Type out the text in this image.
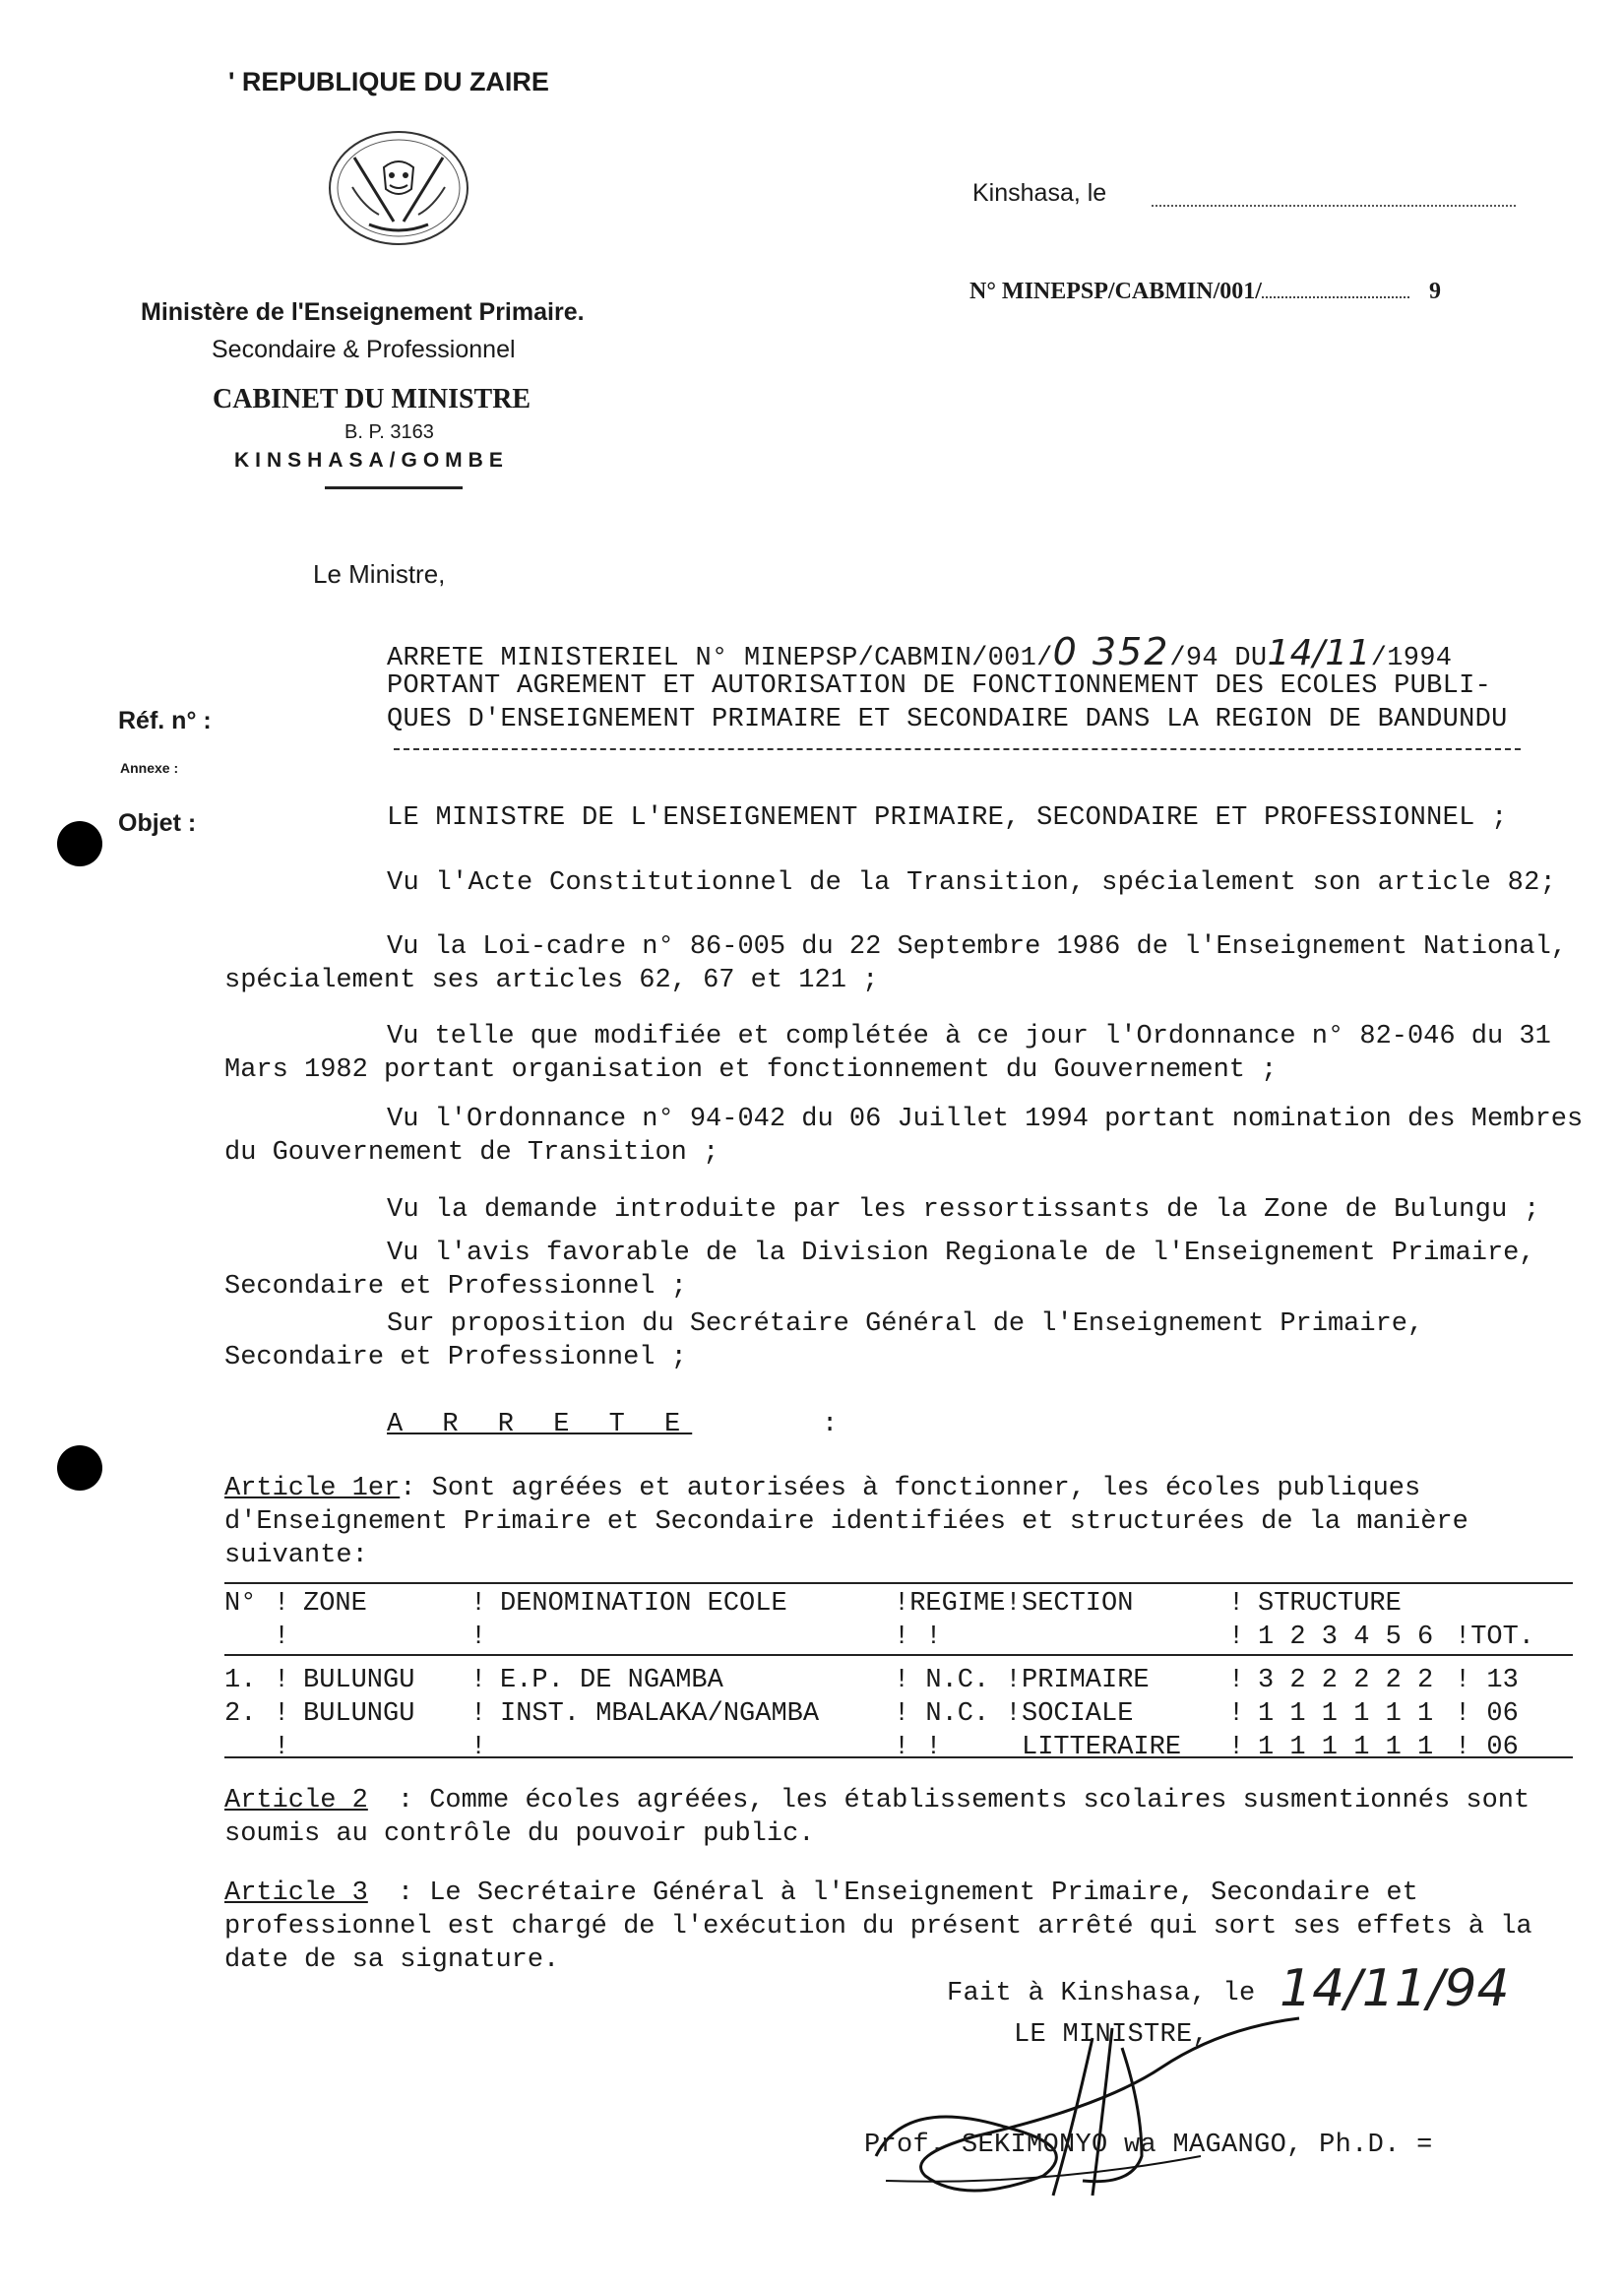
' REPUBLIQUE DU ZAIRE
Ministère de l'Enseignement Primaire.
Secondaire & Professionnel
CABINET DU MINISTRE
B. P. 3163
KINSHASA/GOMBE
Kinshasa, le
N° MINEPSP/CABMIN/001/	9
Le Ministre,
Réf. n° :
Annexe :
Objet :
ARRETE MINISTERIEL N° MINEPSP/CABMIN/001/0 352/94 DU14/11/1994
PORTANT AGREMENT ET AUTORISATION DE FONCTIONNEMENT DES ECOLES PUBLI-
QUES D'ENSEIGNEMENT PRIMAIRE ET SECONDAIRE DANS LA REGION DE BANDUNDU
LE MINISTRE DE L'ENSEIGNEMENT PRIMAIRE, SECONDAIRE ET PROFESSIONNEL ;
Vu l'Acte Constitutionnel de la Transition, spécialement son article 82;
Vu la Loi-cadre n° 86-005 du 22 Septembre 1986 de l'Enseignement National, spécialement ses articles 62, 67 et 121 ;
Vu telle que modifiée et complétée à ce jour l'Ordonnance n° 82-046 du 31 Mars 1982 portant organisation et fonctionnement du Gouvernement ;
Vu l'Ordonnance n° 94-042 du 06 Juillet 1994 portant nomination des Membres du Gouvernement de Transition ;
Vu la demande introduite par les ressortissants de la Zone de Bulungu ;
Vu l'avis favorable de la Division Regionale de l'Enseignement Primaire, Secondaire et Professionnel ;
Sur proposition du Secrétaire Général de l'Enseignement Primaire, Secondaire et Professionnel ;
A R R E T E	:
Article 1er: Sont agréées et autorisées à fonctionner, les écoles publiques d'Enseignement Primaire et Secondaire identifiées et structurées de la manière suivante:
N°	!	ZONE	!	DENOMINATION ECOLE	!REGIME!	SECTION	!	STRUCTURE	
	!		!		! !		!	1 2 3 4 5 6	!TOT.

1.	!	BULUNGU	!	E.P. DE NGAMBA	! N.C. !	PRIMAIRE	!	3 2 2 2 2 2	! 13
2.	!	BULUNGU	!	INST. MBALAKA/NGAMBA	! N.C. !	SOCIALE	!	1 1 1 1 1 1	! 06
	!		!		! !	LITTERAIRE	!	1 1 1 1 1 1	! 06
Article 2 : Comme écoles agréées, les établissements scolaires susmentionnés sont soumis au contrôle du pouvoir public.
Article 3 : Le Secrétaire Général à l'Enseignement Primaire, Secondaire et professionnel est chargé de l'exécution du présent arrêté qui sort ses effets à la date de sa signature.
Fait à Kinshasa, le 14/11/94
LE MINISTRE,
Prof. SEKIMONYO wa MAGANGO, Ph.D. =
